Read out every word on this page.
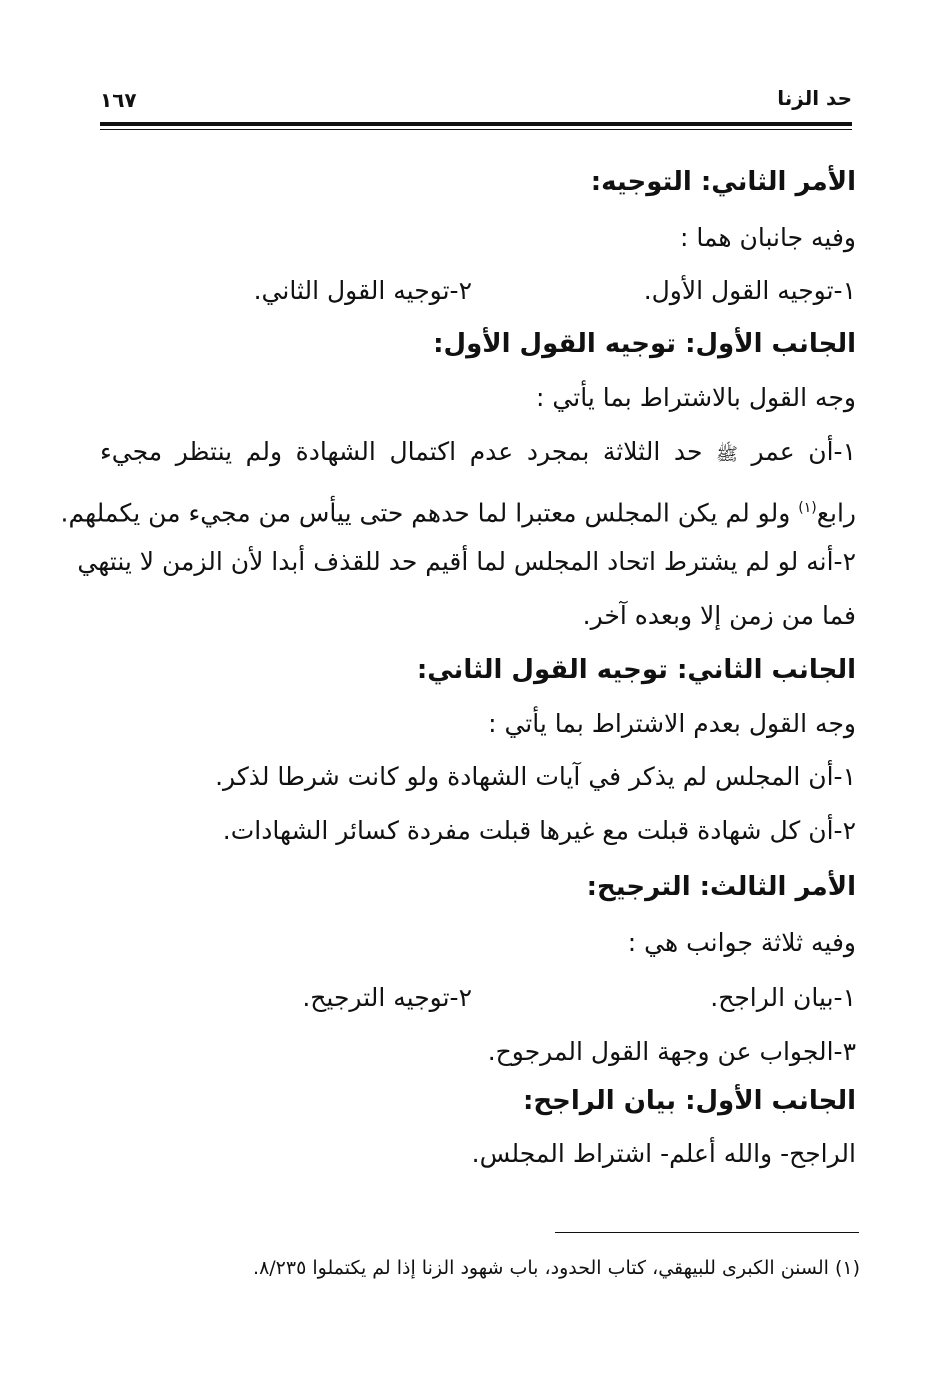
حد الزنا
١٦٧
الأمر الثاني: التوجيه:
وفيه جانبان هما :
١-توجيه القول الأول.
٢-توجيه القول الثاني.
الجانب الأول: توجيه القول الأول:
وجه القول بالاشتراط بما يأتي :
١-أن عمر ﷺ حد الثلاثة بمجرد عدم اكتمال الشهادة ولم ينتظر مجيء
رابع$^{(١)}$ ولو لم يكن المجلس معتبرا لما حدهم حتى ييأس من مجيء من يكملهم.
٢-أنه لو لم يشترط اتحاد المجلس لما أقيم حد للقذف أبدا لأن الزمن لا ينتهي
فما من زمن إلا وبعده آخر.
الجانب الثاني: توجيه القول الثاني:
وجه القول بعدم الاشتراط بما يأتي :
١-أن المجلس لم يذكر في آيات الشهادة ولو كانت شرطا لذكر.
٢-أن كل شهادة قبلت مع غيرها قبلت مفردة كسائر الشهادات.
الأمر الثالث: الترجيح:
وفيه ثلاثة جوانب هي :
١-بيان الراجح.
٢-توجيه الترجيح.
٣-الجواب عن وجهة القول المرجوح.
الجانب الأول: بيان الراجح:
الراجح- والله أعلم- اشتراط المجلس.
(١) السنن الكبرى للبيهقي، كتاب الحدود، باب شهود الزنا إذا لم يكتملوا ٨/٢٣٥.
